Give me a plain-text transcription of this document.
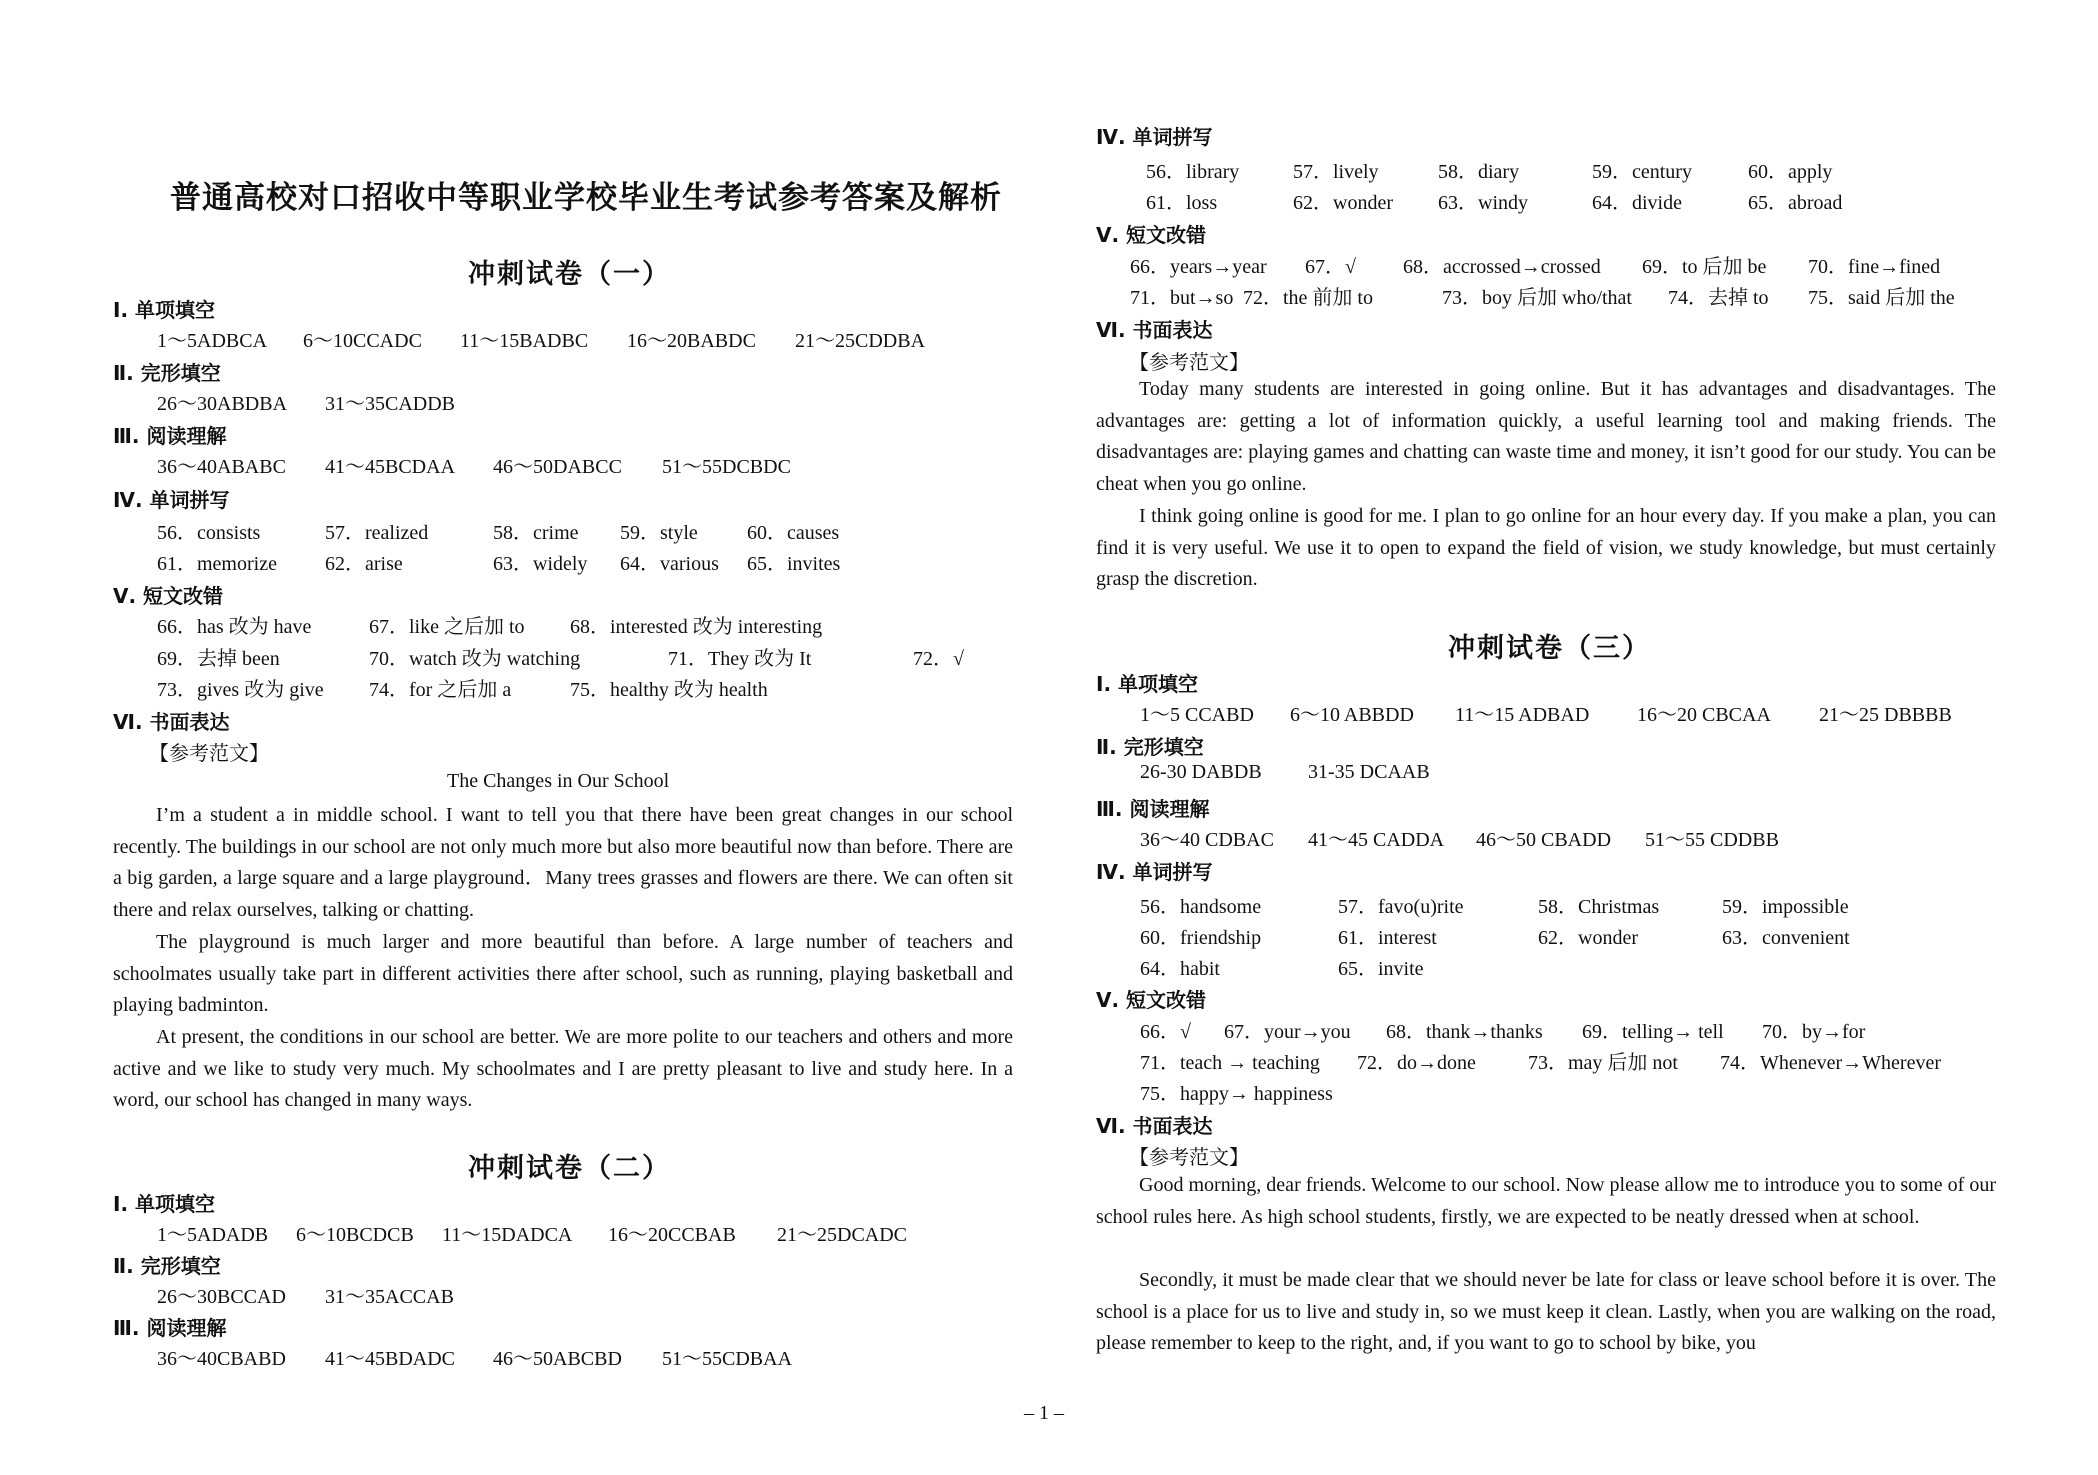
普通高校对口招收中等职业学校毕业生考试参考答案及解析
冲刺试卷（一）
Ⅰ. 单项填空
1～5ADBCA 6～10CCADC 11～15BADBC 16～20BABDC 21～25CDDBA
Ⅱ. 完形填空
26～30ABDBA 31～35CADDB
Ⅲ. 阅读理解
36～40ABABC 41～45BCDAA 46～50DABCC 51～55DCBDC
Ⅳ. 单词拼写
56．consists	57．realized	58．crime 59．style 60．causes
61．memorize 62．arise	63．widely 64．various 65．invites
Ⅴ. 短文改错
66．has 改为 have	67．like 之后加 to 68．interested 改为 interesting
69．去掉 been	70．watch 改为 watching	71．They 改为 It	72．√
73．gives 改为 give 74．for 之后加 a	75．healthy 改为 health
Ⅵ. 书面表达
【参考范文】
The Changes in Our School
I’m a student a in middle school. I want to tell you that there have been great changes in our school recently. The buildings in our school are not only much more but also more beautiful now than before. There are a big garden, a large square and a large playground．Many trees grasses and flowers are there. We can often sit there and relax ourselves, talking or chatting.
The playground is much larger and more beautiful than before. A large number of teachers and schoolmates usually take part in different activities there after school, such as running, playing basketball and playing badminton.
At present, the conditions in our school are better. We are more polite to our teachers and others and more active and we like to study very much. My schoolmates and I are pretty pleasant to live and study here. In a word, our school has changed in many ways.
冲刺试卷（二）
Ⅰ. 单项填空
1～5ADADB 6～10BCDCB 11～15DADCA 16～20CCBAB 21～25DCADC
Ⅱ. 完形填空
26～30BCCAD 31～35ACCAB
Ⅲ. 阅读理解
36～40CBABD 41～45BDADC 46～50ABCBD 51～55CDBAA
Ⅳ. 单词拼写
56．library	57．lively	58．diary	59．century	60．apply
61．loss	62．wonder 63．windy	64．divide	65．abroad
Ⅴ. 短文改错
66．years→year 67．√ 68．accrossed→crossed 69．to 后加 be 70．fine→fined
71．but→so 72．the 前加 to	73．boy 后加 who/that 74．去掉 to 75．said 后加 the
Ⅵ. 书面表达
【参考范文】
Today many students are interested in going online. But it has advantages and disadvantages. The advantages are: getting a lot of information quickly, a useful learning tool and making friends. The disadvantages are: playing games and chatting can waste time and money, it isn’t good for our study. You can be cheat when you go online.
I think going online is good for me. I plan to go online for an hour every day. If you make a plan, you can find it is very useful. We use it to open to expand the field of vision, we study knowledge, but must certainly grasp the discretion.
冲刺试卷（三）
Ⅰ. 单项填空
1～5 CCABD 6～10 ABBDD 11～15 ADBAD 16～20 CBCAA 21～25 DBBBB
Ⅱ. 完形填空
26-30 DABDB 31-35 DCAAB
Ⅲ. 阅读理解
36～40 CDBAC 41～45 CADDA 46～50 CBADD 51～55 CDDBB
Ⅳ. 单词拼写
56．handsome	57．favo(u)rite	58．Christmas	59．impossible
60．friendship	61．interest	62．wonder	63．convenient
64．habit	65．invite
Ⅴ. 短文改错
66．√ 67．your→you 68．thank→thanks 69．telling→ tell 70．by→for
71．teach → teaching 72．do→done	73．may 后加 not 74．Whenever→Wherever
75．happy→ happiness
Ⅵ. 书面表达
【参考范文】
Good morning, dear friends. Welcome to our school. Now please allow me to introduce you to some of our school rules here. As high school students, firstly, we are expected to be neatly dressed when at school.
Secondly, it must be made clear that we should never be late for class or leave school before it is over. The school is a place for us to live and study in, so we must keep it clean. Lastly, when you are walking on the road, please remember to keep to the right, and, if you want to go to school by bike, you
– 1 –
